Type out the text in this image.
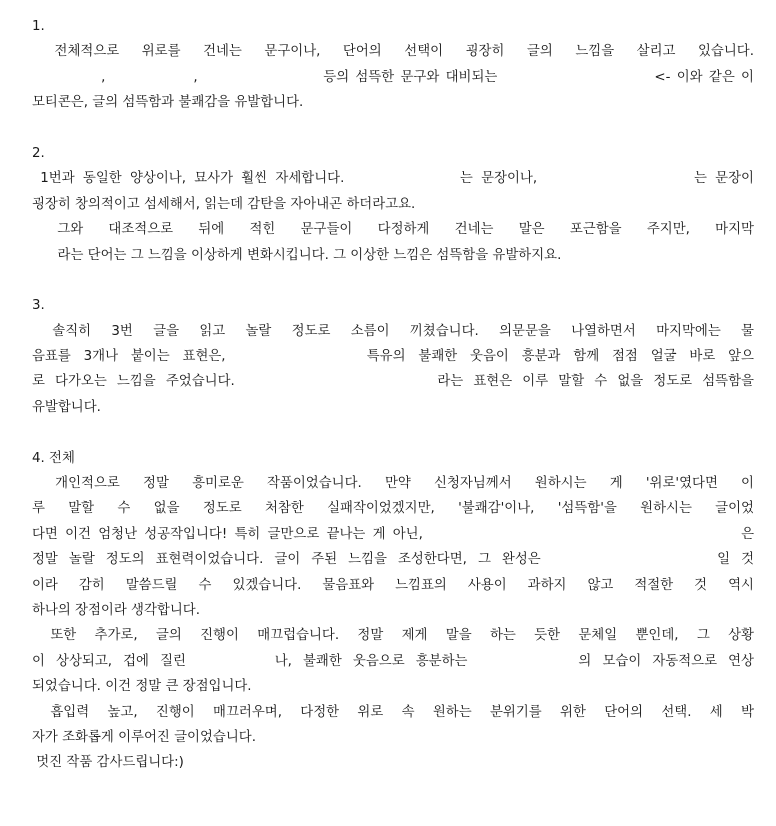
1.
전체적으로 위로를 건네는 문구이나, 단어의 선택이 굉장히 글의 느낌을 살리고 있습니다.
,              ,                    등의 섬뜩한 문구와 대비되는                         <- 이와 같은 이
모티콘은, 글의 섬뜩함과 불쾌감을 유발합니다.
2.
1번과 동일한 양상이나, 묘사가 훨씬 자세합니다.              는 문장이나,                   는 문장이
굉장히 창의적이고 섬세해서, 읽는데 감탄을 자아내곤 하더라고요.
그와 대조적으로 뒤에 적힌 문구들이 다정하게 건네는 말은 포근함을 주지만, 마지막
라는 단어는 그 느낌을 이상하게 변화시킵니다. 그 이상한 느낌은 섬뜩함을 유발하지요.
3.
솔직히 3번 글을 읽고 놀랄 정도로 소름이 끼쳤습니다. 의문문을 나열하면서 마지막에는 물
음표를 3개나 붙이는 표현은,           특유의 불쾌한 웃음이 흥분과 함께 점점 얼굴 바로 앞으
로 다가오는 느낌을 주었습니다.                    라는 표현은 이루 말할 수 없을 정도로 섬뜩함을
유발합니다.
4. 전체
개인적으로 정말 흥미로운 작품이었습니다. 만약 신청자님께서 원하시는 게 '위로'였다면 이
루 말할 수 없을 정도로 처참한 실패작이었겠지만, '불쾌감'이나, '섬뜩함'을 원하시는 글이었
다면 이건 엄청난 성공작입니다! 특히 글만으로 끝나는 게 아닌,                                            은
정말 놀랄 정도의 표현력이었습니다. 글이 주된 느낌을 조성한다면, 그 완성은                일 것
이라 감히 말씀드릴 수 있겠습니다. 물음표와 느낌표의 사용이 과하지 않고 적절한 것 역시
하나의 장점이라 생각합니다.
또한 추가로, 글의 진행이 매끄럽습니다. 정말 제게 말을 하는 듯한 문체일 뿐인데, 그 상황
이 상상되고, 겁에 질린        나, 불쾌한 웃음으로 흥분하는          의 모습이 자동적으로 연상
되었습니다. 이건 정말 큰 장점입니다.
흡입력 높고, 진행이 매끄러우며, 다정한 위로 속 원하는 분위기를 위한 단어의 선택. 세 박
자가 조화롭게 이루어진 글이었습니다.
멋진 작품 감사드립니다:)
